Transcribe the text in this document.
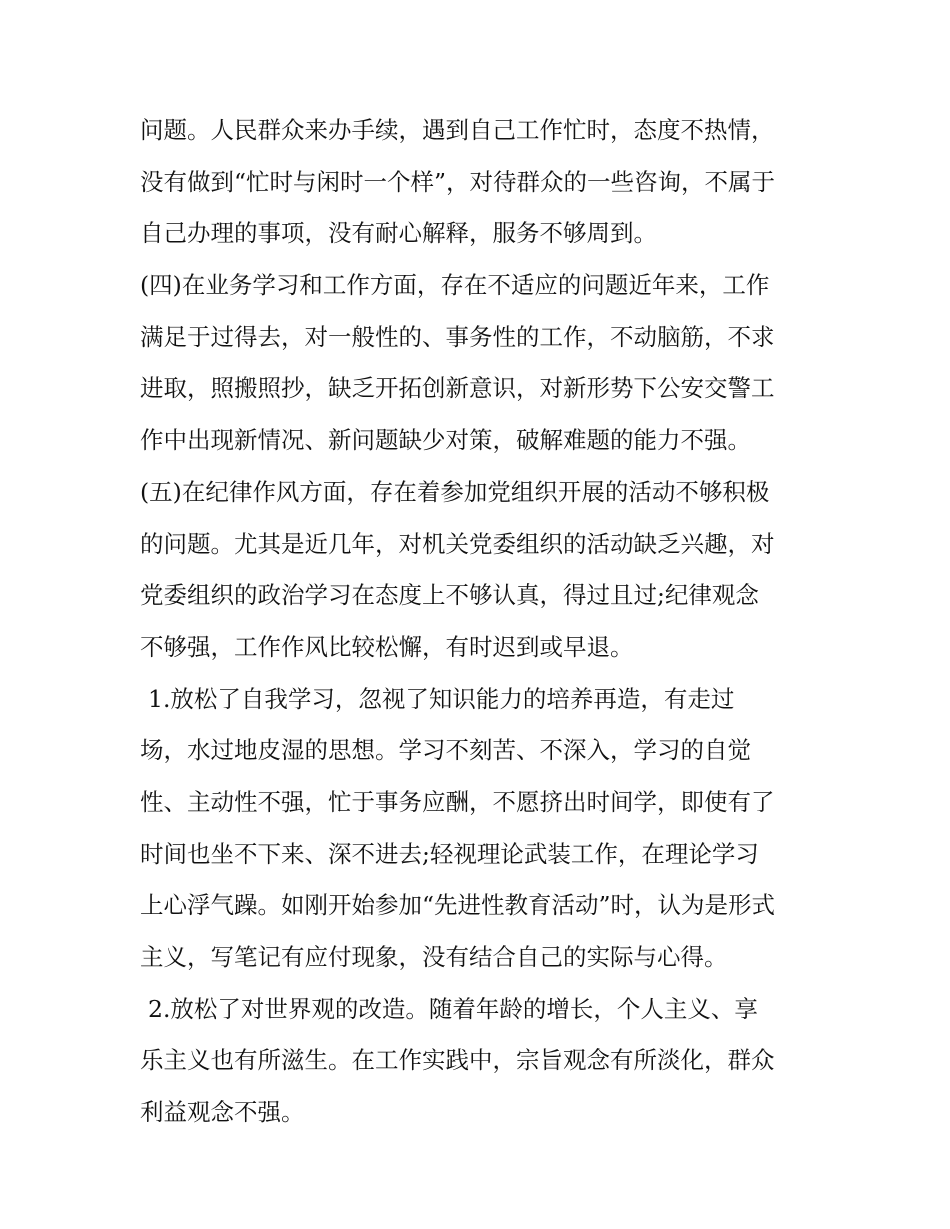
问题。人民群众来办手续，遇到自己工作忙时，态度不热情，

没有做到“忙时与闲时一个样”，对待群众的一些咨询，不属于

自己办理的事项，没有耐心解释，服务不够周到。

(四)在业务学习和工作方面，存在不适应的问题近年来，工作

满足于过得去，对一般性的、事务性的工作，不动脑筋，不求

进取，照搬照抄，缺乏开拓创新意识，对新形势下公安交警工

作中出现新情况、新问题缺少对策，破解难题的能力不强。

(五)在纪律作风方面，存在着参加党组织开展的活动不够积极

的问题。尤其是近几年，对机关党委组织的活动缺乏兴趣，对

党委组织的政治学习在态度上不够认真，得过且过;纪律观念

不够强，工作作风比较松懈，有时迟到或早退。

1.放松了自我学习，忽视了知识能力的培养再造，有走过

场，水过地皮湿的思想。学习不刻苦、不深入，学习的自觉

性、主动性不强，忙于事务应酬，不愿挤出时间学，即使有了

时间也坐不下来、深不进去;轻视理论武装工作，在理论学习

上心浮气躁。如刚开始参加“先进性教育活动”时，认为是形式

主义，写笔记有应付现象，没有结合自己的实际与心得。

2.放松了对世界观的改造。随着年龄的增长，个人主义、享

乐主义也有所滋生。在工作实践中，宗旨观念有所淡化，群众

利益观念不强。
